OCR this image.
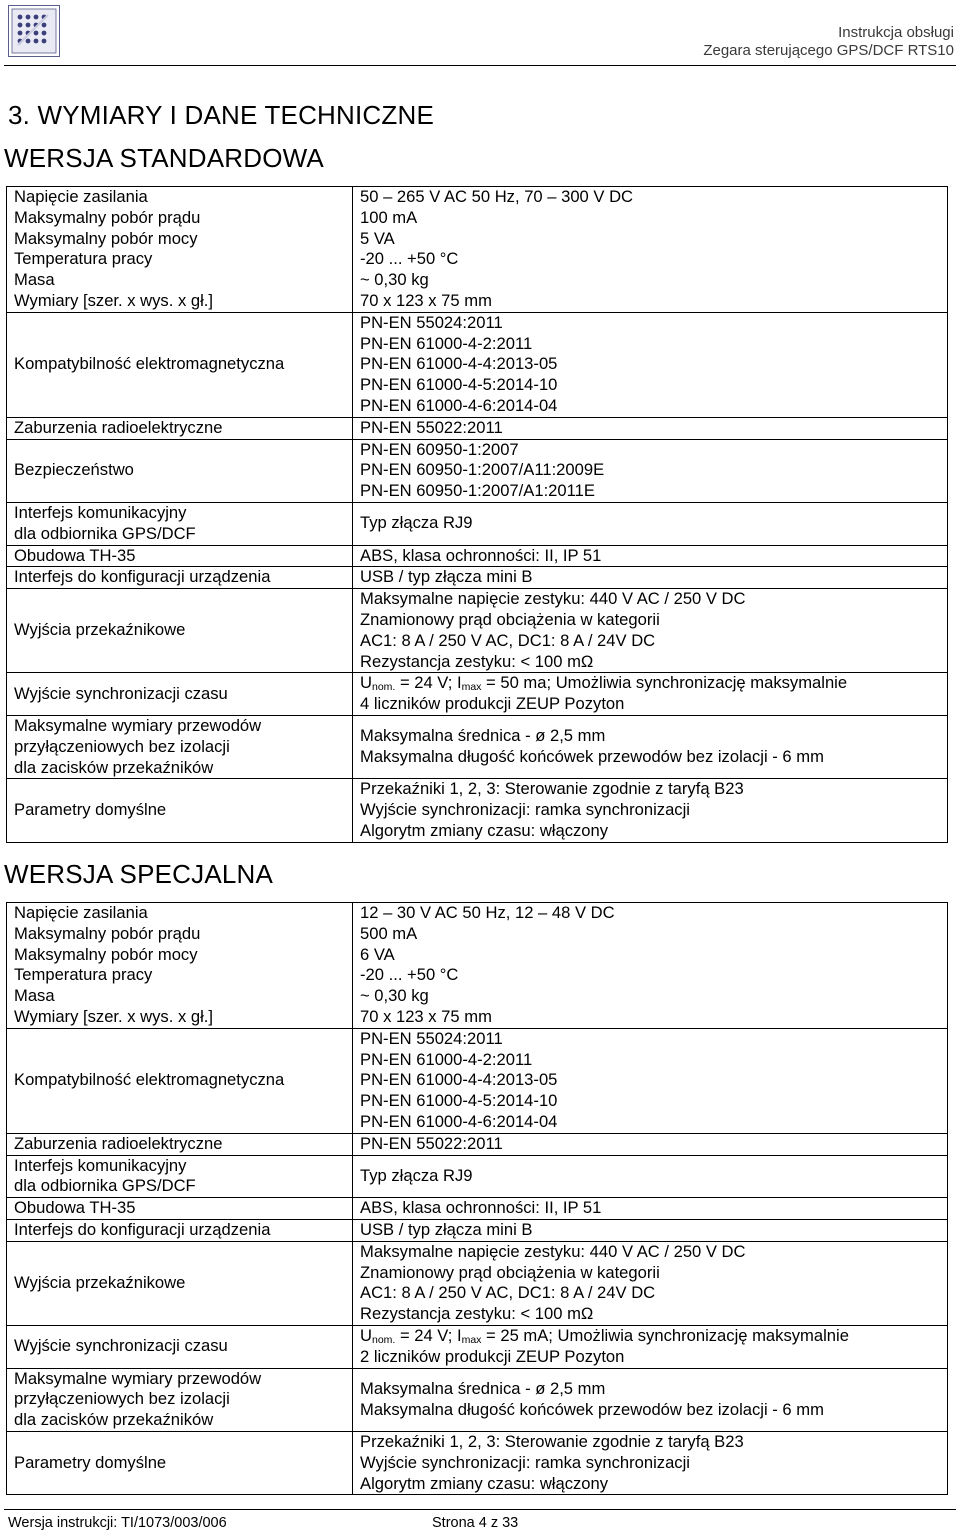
Instrukcja obsługi
Zegara sterującego GPS/DCF RTS10
3. WYMIARY I DANE TECHNICZNE
WERSJA STANDARDOWA
Napięcie zasilania	50 – 265 V AC 50 Hz, 70 – 300 V DC
Maksymalny pobór prądu	100 mA
Maksymalny pobór mocy	5 VA
Temperatura pracy	-20 ... +50 °C
Masa	~ 0,30 kg
Wymiary [szer. x wys. x gł.]	70 x 123 x 75 mm
Kompatybilność elektromagnetyczna	PN-EN 55024:2011
PN-EN 61000-4-2:2011
PN-EN 61000-4-4:2013-05
PN-EN 61000-4-5:2014-10
PN-EN 61000-4-6:2014-04

Zaburzenia radioelektryczne	PN-EN 55022:2011
Bezpieczeństwo	PN-EN 60950-1:2007
PN-EN 60950-1:2007/A11:2009E
PN-EN 60950-1:2007/A1:2011E

Interfejs komunikacyjny
dla odbiornika GPS/DCF	Typ złącza RJ9
Obudowa TH-35	ABS, klasa ochronności: II, IP 51
Interfejs do konfiguracji urządzenia	USB / typ złącza mini B
Wyjścia przekaźnikowe	Maksymalne napięcie zestyku: 440 V AC / 250 V DC
Znamionowy prąd obciążenia w kategorii
AC1: 8 A / 250 V AC, DC1: 8 A / 24V DC
Rezystancja zestyku: < 100 mΩ

Wyjście synchronizacji czasu	$U_{nom.} = 24$ V; $I_{max} = 50$ ma; Umożliwia synchronizację maksymalnie
4 liczników produkcji ZEUP Pozyton

Maksymalne wymiary przewodów
przyłączeniowych bez izolacji
dla zacisków przekaźników	Maksymalna średnica - ø 2,5 mm
Maksymalna długość końcówek przewodów bez izolacji - 6 mm

Parametry domyślne	Przekaźniki 1, 2, 3: Sterowanie zgodnie z taryfą B23
Wyjście synchronizacji: ramka synchronizacji
Algorytm zmiany czasu: włączony
WERSJA SPECJALNA
Napięcie zasilania	12 – 30 V AC 50 Hz, 12 – 48 V DC
Maksymalny pobór prądu	500 mA
Maksymalny pobór mocy	6 VA
Temperatura pracy	-20 ... +50 °C
Masa	~ 0,30 kg
Wymiary [szer. x wys. x gł.]	70 x 123 x 75 mm
Kompatybilność elektromagnetyczna	PN-EN 55024:2011
PN-EN 61000-4-2:2011
PN-EN 61000-4-4:2013-05
PN-EN 61000-4-5:2014-10
PN-EN 61000-4-6:2014-04

Zaburzenia radioelektryczne	PN-EN 55022:2011

Interfejs komunikacyjny
dla odbiornika GPS/DCF	Typ złącza RJ9
Obudowa TH-35	ABS, klasa ochronności: II, IP 51
Interfejs do konfiguracji urządzenia	USB / typ złącza mini B
Wyjścia przekaźnikowe	Maksymalne napięcie zestyku: 440 V AC / 250 V DC
Znamionowy prąd obciążenia w kategorii
AC1: 8 A / 250 V AC, DC1: 8 A / 24V DC
Rezystancja zestyku: < 100 mΩ

Wyjście synchronizacji czasu	$U_{nom.} = 24$ V; $I_{max} = 25$ mA; Umożliwia synchronizację maksymalnie
2 liczników produkcji ZEUP Pozyton

Maksymalne wymiary przewodów
przyłączeniowych bez izolacji
dla zacisków przekaźników	Maksymalna średnica - ø 2,5 mm
Maksymalna długość końcówek przewodów bez izolacji - 6 mm

Parametry domyślne	Przekaźniki 1, 2, 3: Sterowanie zgodnie z taryfą B23
Wyjście synchronizacji: ramka synchronizacji
Algorytm zmiany czasu: włączony
Wersja instrukcji: TI/1073/003/006	Strona 4 z 33
